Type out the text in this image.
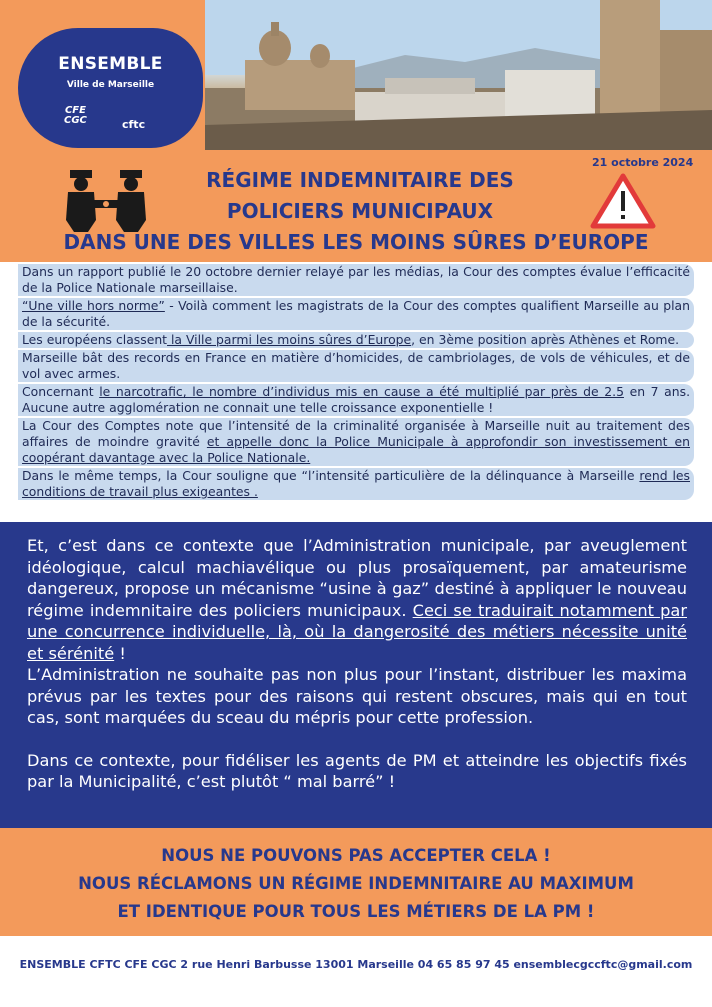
ENSEMBLE
Ville de Marseille
CFE
CGC	cftc
21 octobre 2024
RÉGIME INDEMNITAIRE DES
POLICIERS MUNICIPAUX
DANS UNE DES VILLES LES MOINS SÛRES D’EUROPE

Dans un rapport publié le 20 octobre dernier relayé par les médias, la Cour des comptes évalue l’efficacité de la Police Nationale marseillaise.

“Une ville hors norme” - Voilà comment les magistrats de la Cour des comptes qualifient Marseille au plan de la sécurité.

Les européens classent la Ville parmi les moins sûres d’Europe, en 3ème position après Athènes et Rome.

Marseille bât des records en France en matière d’homicides, de cambriolages, de vols de véhicules, et de vol avec armes.

Concernant le narcotrafic, le nombre d’individus mis en cause a été multiplié par près de 2.5 en 7 ans. Aucune autre agglomération ne connait une telle croissance exponentielle !

La Cour des Comptes note que l’intensité de la criminalité organisée à Marseille nuit au traitement des affaires de moindre gravité et appelle donc la Police Municipale à approfondir son investissement en coopérant davantage avec la Police Nationale.

Dans le même temps, la Cour souligne que “l’intensité particulière de la délinquance à Marseille rend les conditions de travail plus exigeantes .

Et, c’est dans ce contexte que l’Administration municipale, par aveuglement idéologique, calcul machiavélique ou plus prosaïquement, par amateurisme dangereux, propose un mécanisme “usine à gaz” destiné à appliquer le nouveau régime indemnitaire des policiers municipaux. Ceci se traduirait notamment par une concurrence individuelle, là, où la dangerosité des métiers nécessite unité et sérénité !

L’Administration ne souhaite pas non plus pour l’instant, distribuer les maxima prévus par les textes pour des raisons qui restent obscures, mais qui en tout cas, sont marquées du sceau du mépris pour cette profession.

Dans ce contexte, pour fidéliser les agents de PM et atteindre les objectifs fixés par la Municipalité, c’est plutôt “ mal barré” !

NOUS NE POUVONS PAS ACCEPTER CELA !
NOUS RÉCLAMONS UN RÉGIME INDEMNITAIRE AU MAXIMUM
ET IDENTIQUE POUR TOUS LES MÉTIERS DE LA PM !
ENSEMBLE CFTC CFE CGC 2 rue Henri Barbusse 13001 Marseille 04 65 85 97 45 ensemblecgccftc@gmail.com
